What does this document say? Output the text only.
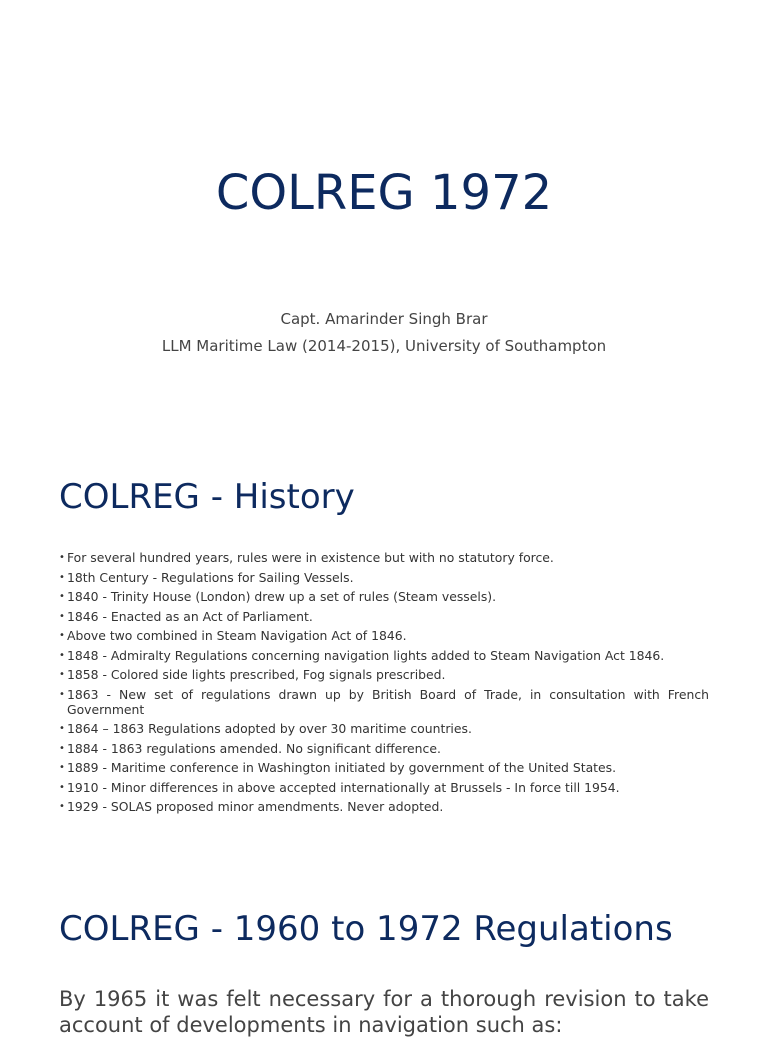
COLREG 1972

Capt. Amarinder Singh Brar

LLM Maritime Law (2014-2015), University of Southampton

COLREG - History
• For several hundred years, rules were in existence but with no statutory force.
• 18th Century - Regulations for Sailing Vessels.
• 1840 - Trinity House (London) drew up a set of rules (Steam vessels).
• 1846 - Enacted as an Act of Parliament.
• Above two combined in Steam Navigation Act of 1846.
• 1848 - Admiralty Regulations concerning navigation lights added to Steam Navigation Act 1846.
• 1858 - Colored side lights prescribed, Fog signals prescribed.
• 1863 - New set of regulations drawn up by British Board of Trade, in consultation with French Government
• 1864 – 1863 Regulations adopted by over 30 maritime countries.
• 1884 - 1863 regulations amended. No significant difference.
• 1889 - Maritime conference in Washington initiated by government of the United States.
• 1910 - Minor differences in above accepted internationally at Brussels - In force till 1954.
• 1929 - SOLAS proposed minor amendments. Never adopted.
COLREG - 1960 to 1972 Regulations

By 1965 it was felt necessary for a thorough revision to take account of developments in navigation such as:
